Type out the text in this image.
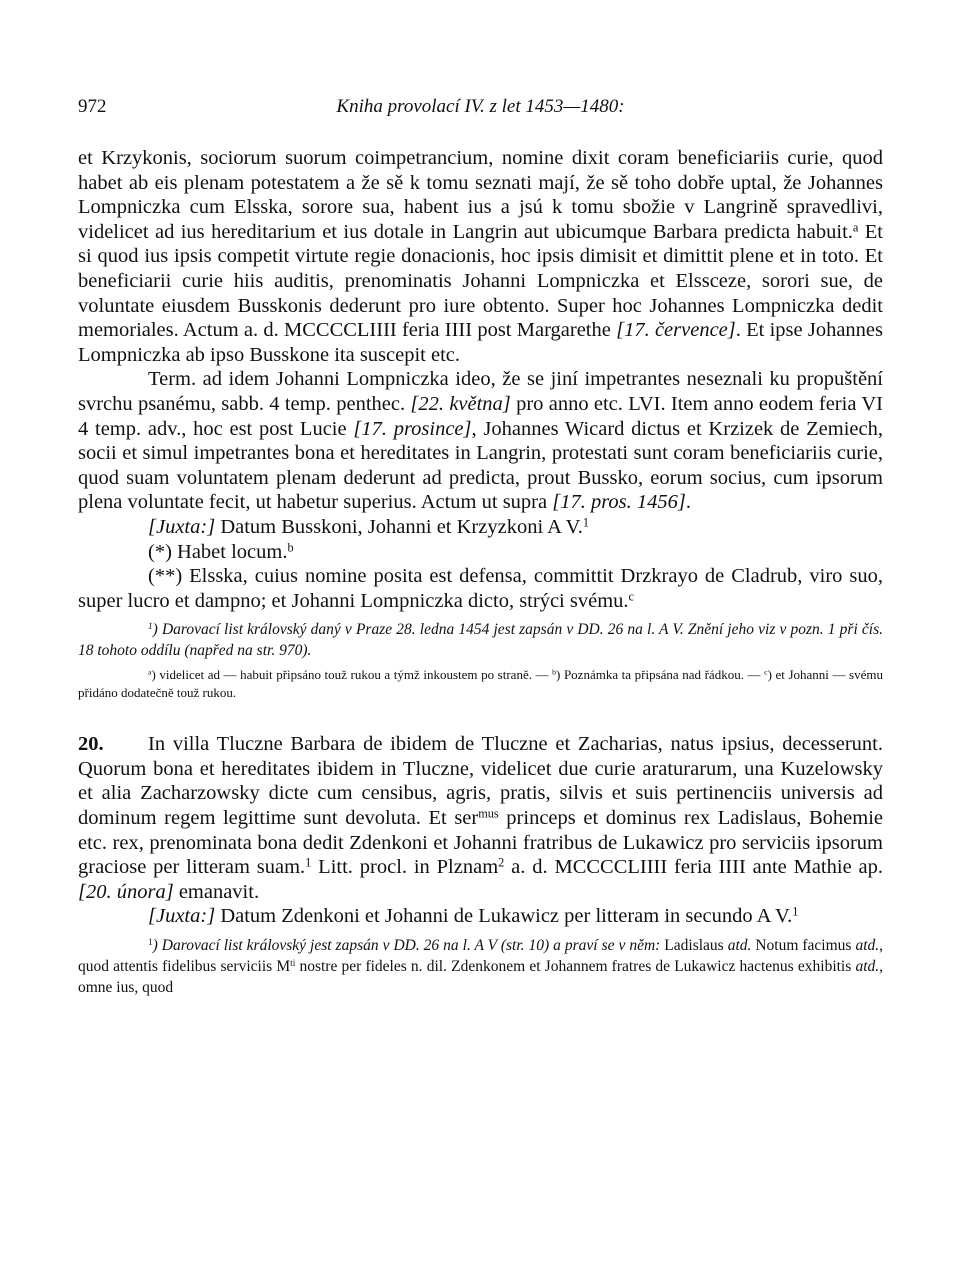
972	Kniha provolací IV. z let 1453—1480:

et Krzykonis, sociorum suorum coimpetrancium, nomine dixit coram beneficiariis curie, quod habet ab eis plenam potestatem a že sě k tomu seznati mají, že sě toho dobře uptal, že Johannes Lompniczka cum Elsska, sorore sua, habent ius a jsú k tomu sbožie v Langrině spravedlivi, videlicet ad ius hereditarium et ius dotale in Langrin aut ubicumque Barbara predicta habuit.$^a$ Et si quod ius ipsis competit virtute regie donacionis, hoc ipsis dimisit et dimittit plene et in toto. Et beneficiarii curie hiis auditis, prenominatis Johanni Lompniczka et Elssceze, sorori sue, de voluntate eiusdem Busskonis dederunt pro iure obtento. Super hoc Johannes Lompniczka dedit memoriales. Actum a. d. MCCCCLIIII feria IIII post Margarethe [17. července]. Et ipse Johannes Lompniczka ab ipso Busskone ita suscepit etc.

Term. ad idem Johanni Lompniczka ideo, že se jiní impetrantes neseznali ku propuštění svrchu psanému, sabb. 4 temp. penthec. [22. května] pro anno etc. LVI. Item anno eodem feria VI 4 temp. adv., hoc est post Lucie [17. prosince], Johannes Wicard dictus et Krzizek de Zemiech, socii et simul impetrantes bona et hereditates in Langrin, protestati sunt coram beneficiariis curie, quod suam voluntatem plenam dederunt ad predicta, prout Bussko, eorum socius, cum ipsorum plena voluntate fecit, ut habetur superius. Actum ut supra [17. pros. 1456].

[Juxta:] Datum Busskoni, Johanni et Krzyzkoni A V.$^1$

(*) Habet locum.$^b$

(**) Elsska, cuius nomine posita est defensa, committit Drzkrayo de Cladrub, viro suo, super lucro et dampno; et Johanni Lompniczka dicto, strýci svému.$^c$

$^1$) Darovací list královský daný v Praze 28. ledna 1454 jest zapsán v DD. 26 na l. A V. Znění jeho viz v pozn. 1 při čís. 18 tohoto oddílu (napřed na str. 970).

$^a$) videlicet ad — habuit připsáno touž rukou a týmž inkoustem po straně. — $^b$) Poznámka ta připsána nad řádkou. — $^c$) et Johanni — svému přidáno dodatečně touž rukou.

20. In villa Tlucznе Barbara de ibidem de Tlucznе et Zacharias, natus ipsius, decesserunt. Quorum bona et hereditates ibidem in Tluczne, videlicet due curie araturarum, una Kuzelowsky et alia Zacharzowsky dicte cum censibus, agris, pratis, silvis et suis pertinenciis universis ad dominum regem legittime sunt devoluta. Et ser$^{mus}$ princeps et dominus rex Ladislaus, Bohemie etc. rex, prenominata bona dedit Zdenkoni et Johanni fratribus de Lukawicz pro serviciis ipsorum graciose per litteram suam.$^1$ Litt. procl. in Plznam$^2$ a. d. MCCCCLIIII feria IIII ante Mathie ap. [20. února] emanavit.

[Juxta:] Datum Zdenkoni et Johanni de Lukawicz per litteram in secundo A V.$^1$

$^1$) Darovací list královský jest zapsán v DD. 26 na l. A V (str. 10) a praví se v něm: Ladislaus atd. Notum facimus atd., quod attentis fidelibus serviciis $M^{ti}$ nostre per fideles n. dil. Zdenkonem et Johannem fratres de Lukawicz hactenus exhibitis atd., omne ius, quod
